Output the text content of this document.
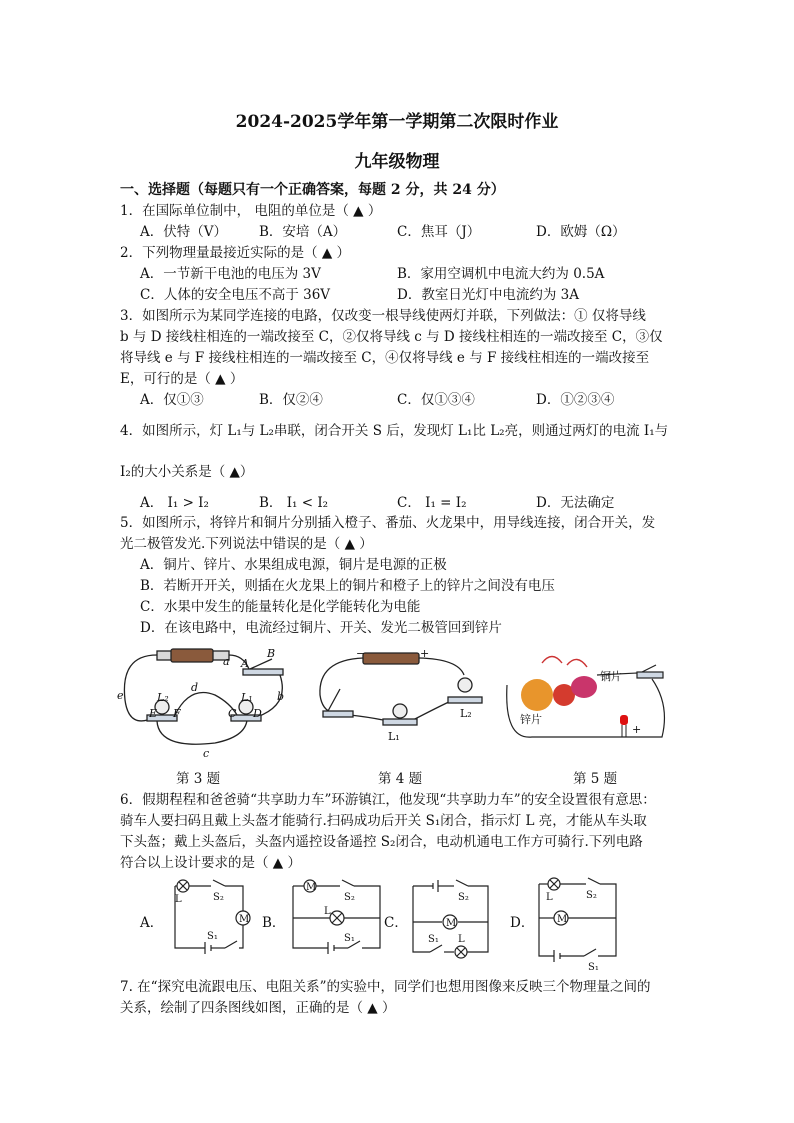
2024-2025学年第一学期第二次限时作业
九年级物理
一、选择题（每题只有一个正确答案，每题 2 分，共 24 分）
1．在国际单位制中， 电阻的单位是（ ▲ ）
A．伏特（V） B．安培（A）	C．焦耳（J）	D．欧姆（Ω）
2．下列物理量最接近实际的是（ ▲ ）
A．一节新干电池的电压为 3V	B．家用空调机中电流大约为 0.5A
C．人体的安全电压不高于 36V	D．教室日光灯中电流约为 3A
3．如图所示为某同学连接的电路，仅改变一根导线使两灯并联，下列做法：① 仅将导线
b 与 D 接线柱相连的一端改接至 C，②仅将导线 c 与 D 接线柱相连的一端改接至 C，③仅
将导线 e 与 F 接线柱相连的一端改接至 C，④仅将导线 e 与 F 接线柱相连的一端改接至
E，可行的是（ ▲ ）
A．仅①③	B．仅②④	C．仅①③④	D．①②③④
4．如图所示，灯 L₁与 L₂串联，闭合开关 S 后，发现灯 L₁比 L₂亮，则通过两灯的电流 I₁与
I₂的大小关系是（ ▲）
A． I₁ > I₂	B． I₁ < I₂	C． I₁ = I₂	D．无法确定
5．如图所示，将锌片和铜片分别插入橙子、番茄、火龙果中，用导线连接，闭合开关，发
光二极管发光.下列说法中错误的是（ ▲ ）
A．铜片、锌片、水果组成电源，铜片是电源的正极
B．若断开开关，则插在火龙果上的铜片和橙子上的锌片之间没有电压
C．水果中发生的能量转化是化学能转化为电能
D．在该电路中，电流经过铜片、开关、发光二极管回到锌片
a
b
c
d
e
A
B
C D
E F
L₂	L₁
−	+
L₁
L₂
铜片
锌片
+
第 3 题	第 4 题	第 5 题
6．假期程程和爸爸骑“共享助力车”环游镇江，他发现“共享助力车”的安全设置很有意思：
骑车人要扫码且戴上头盔才能骑行.扫码成功后开关 S₁闭合，指示灯 L 亮，才能从车头取
下头盔；戴上头盔后，头盔内遥控设备遥控 S₂闭合，电动机通电工作方可骑行.下列电路
符合以上设计要求的是（ ▲ ）
A．	B．	C．	D．
M
L	S₂
S₁
M
L
S₂
S₁
M
S₂
S₁ L
M
L	S₂
S₁
7. 在“探究电流跟电压、电阻关系”的实验中，同学们也想用图像来反映三个物理量之间的
关系，绘制了四条图线如图，正确的是（ ▲ ）
